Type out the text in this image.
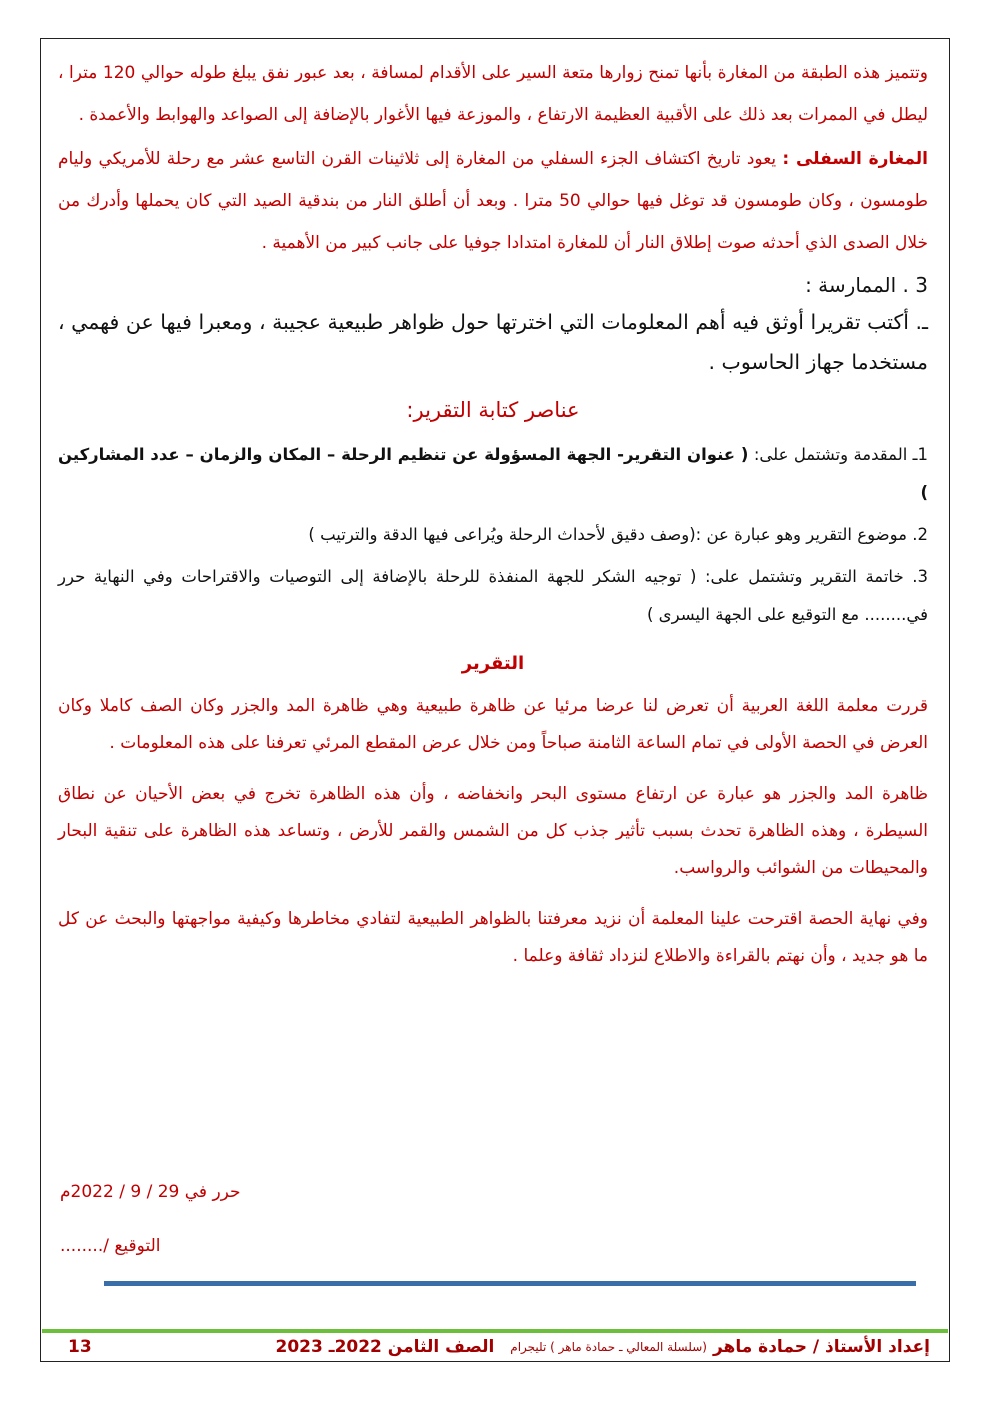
وتتميز هذه الطبقة من المغارة بأنها تمنح زوارها متعة السير على الأقدام لمسافة ، بعد عبور نفق يبلغ طوله حوالي 120 مترا ، ليطل في الممرات بعد ذلك على الأقبية العظيمة الارتفاع ، والموزعة فيها الأغوار بالإضافة إلى الصواعد والهوابط والأعمدة .

المغارة السفلى : يعود تاريخ اكتشاف الجزء السفلي من المغارة إلى ثلاثينات القرن التاسع عشر مع رحلة للأمريكي وليام طومسون ، وكان طومسون قد توغل فيها حوالي 50 مترا . وبعد أن أطلق النار من بندقية الصيد التي كان يحملها وأدرك من خلال الصدى الذي أحدثه صوت إطلاق النار أن للمغارة امتدادا جوفيا على جانب كبير من الأهمية .

3 . الممارسة :

ـ. أكتب تقريرا أوثق فيه أهم المعلومات التي اخترتها حول ظواهر طبيعية عجيبة ، ومعبرا فيها عن فهمي ، مستخدما جهاز الحاسوب .

عناصر كتابة التقرير:

1ـ المقدمة وتشتمل على: ( عنوان التقرير- الجهة المسؤولة عن تنظيم الرحلة – المكان والزمان – عدد المشاركين )

2. موضوع التقرير وهو عبارة عن :(وصف دقيق لأحداث الرحلة ويُراعى فيها الدقة والترتيب )

3. خاتمة التقرير وتشتمل على: ( توجيه الشكر للجهة المنفذة للرحلة بالإضافة إلى التوصيات والاقتراحات وفي النهاية حرر في........ مع التوقيع على الجهة اليسرى )

التقرير

قررت معلمة اللغة العربية أن تعرض لنا عرضا مرئيا عن ظاهرة طبيعية وهي ظاهرة المد والجزر وكان الصف كاملا وكان العرض في الحصة الأولى في تمام الساعة الثامنة صباحاً ومن خلال عرض المقطع المرئي تعرفنا على هذه المعلومات .

ظاهرة المد والجزر هو عبارة عن ارتفاع مستوى البحر وانخفاضه ، وأن هذه الظاهرة تخرج في بعض الأحيان عن نطاق السيطرة ، وهذه الظاهرة تحدث بسبب تأثير جذب كل من الشمس والقمر للأرض ، وتساعد هذه الظاهرة على تنقية البحار والمحيطات من الشوائب والرواسب.

وفي نهاية الحصة اقترحت علينا المعلمة أن نزيد معرفتنا بالظواهر الطبيعية لتفادي مخاطرها وكيفية مواجهتها والبحث عن كل ما هو جديد ، وأن نهتم بالقراءة والاطلاع لنزداد ثقافة وعلما .

حرر في 29 / 9 / 2022م
التوقيع /........
إعداد الأستاذ / حمادة ماهر
(سلسلة المعالي ـ حمادة ماهر ) تليجرام
الصف الثامن 2022ـ 2023
13
